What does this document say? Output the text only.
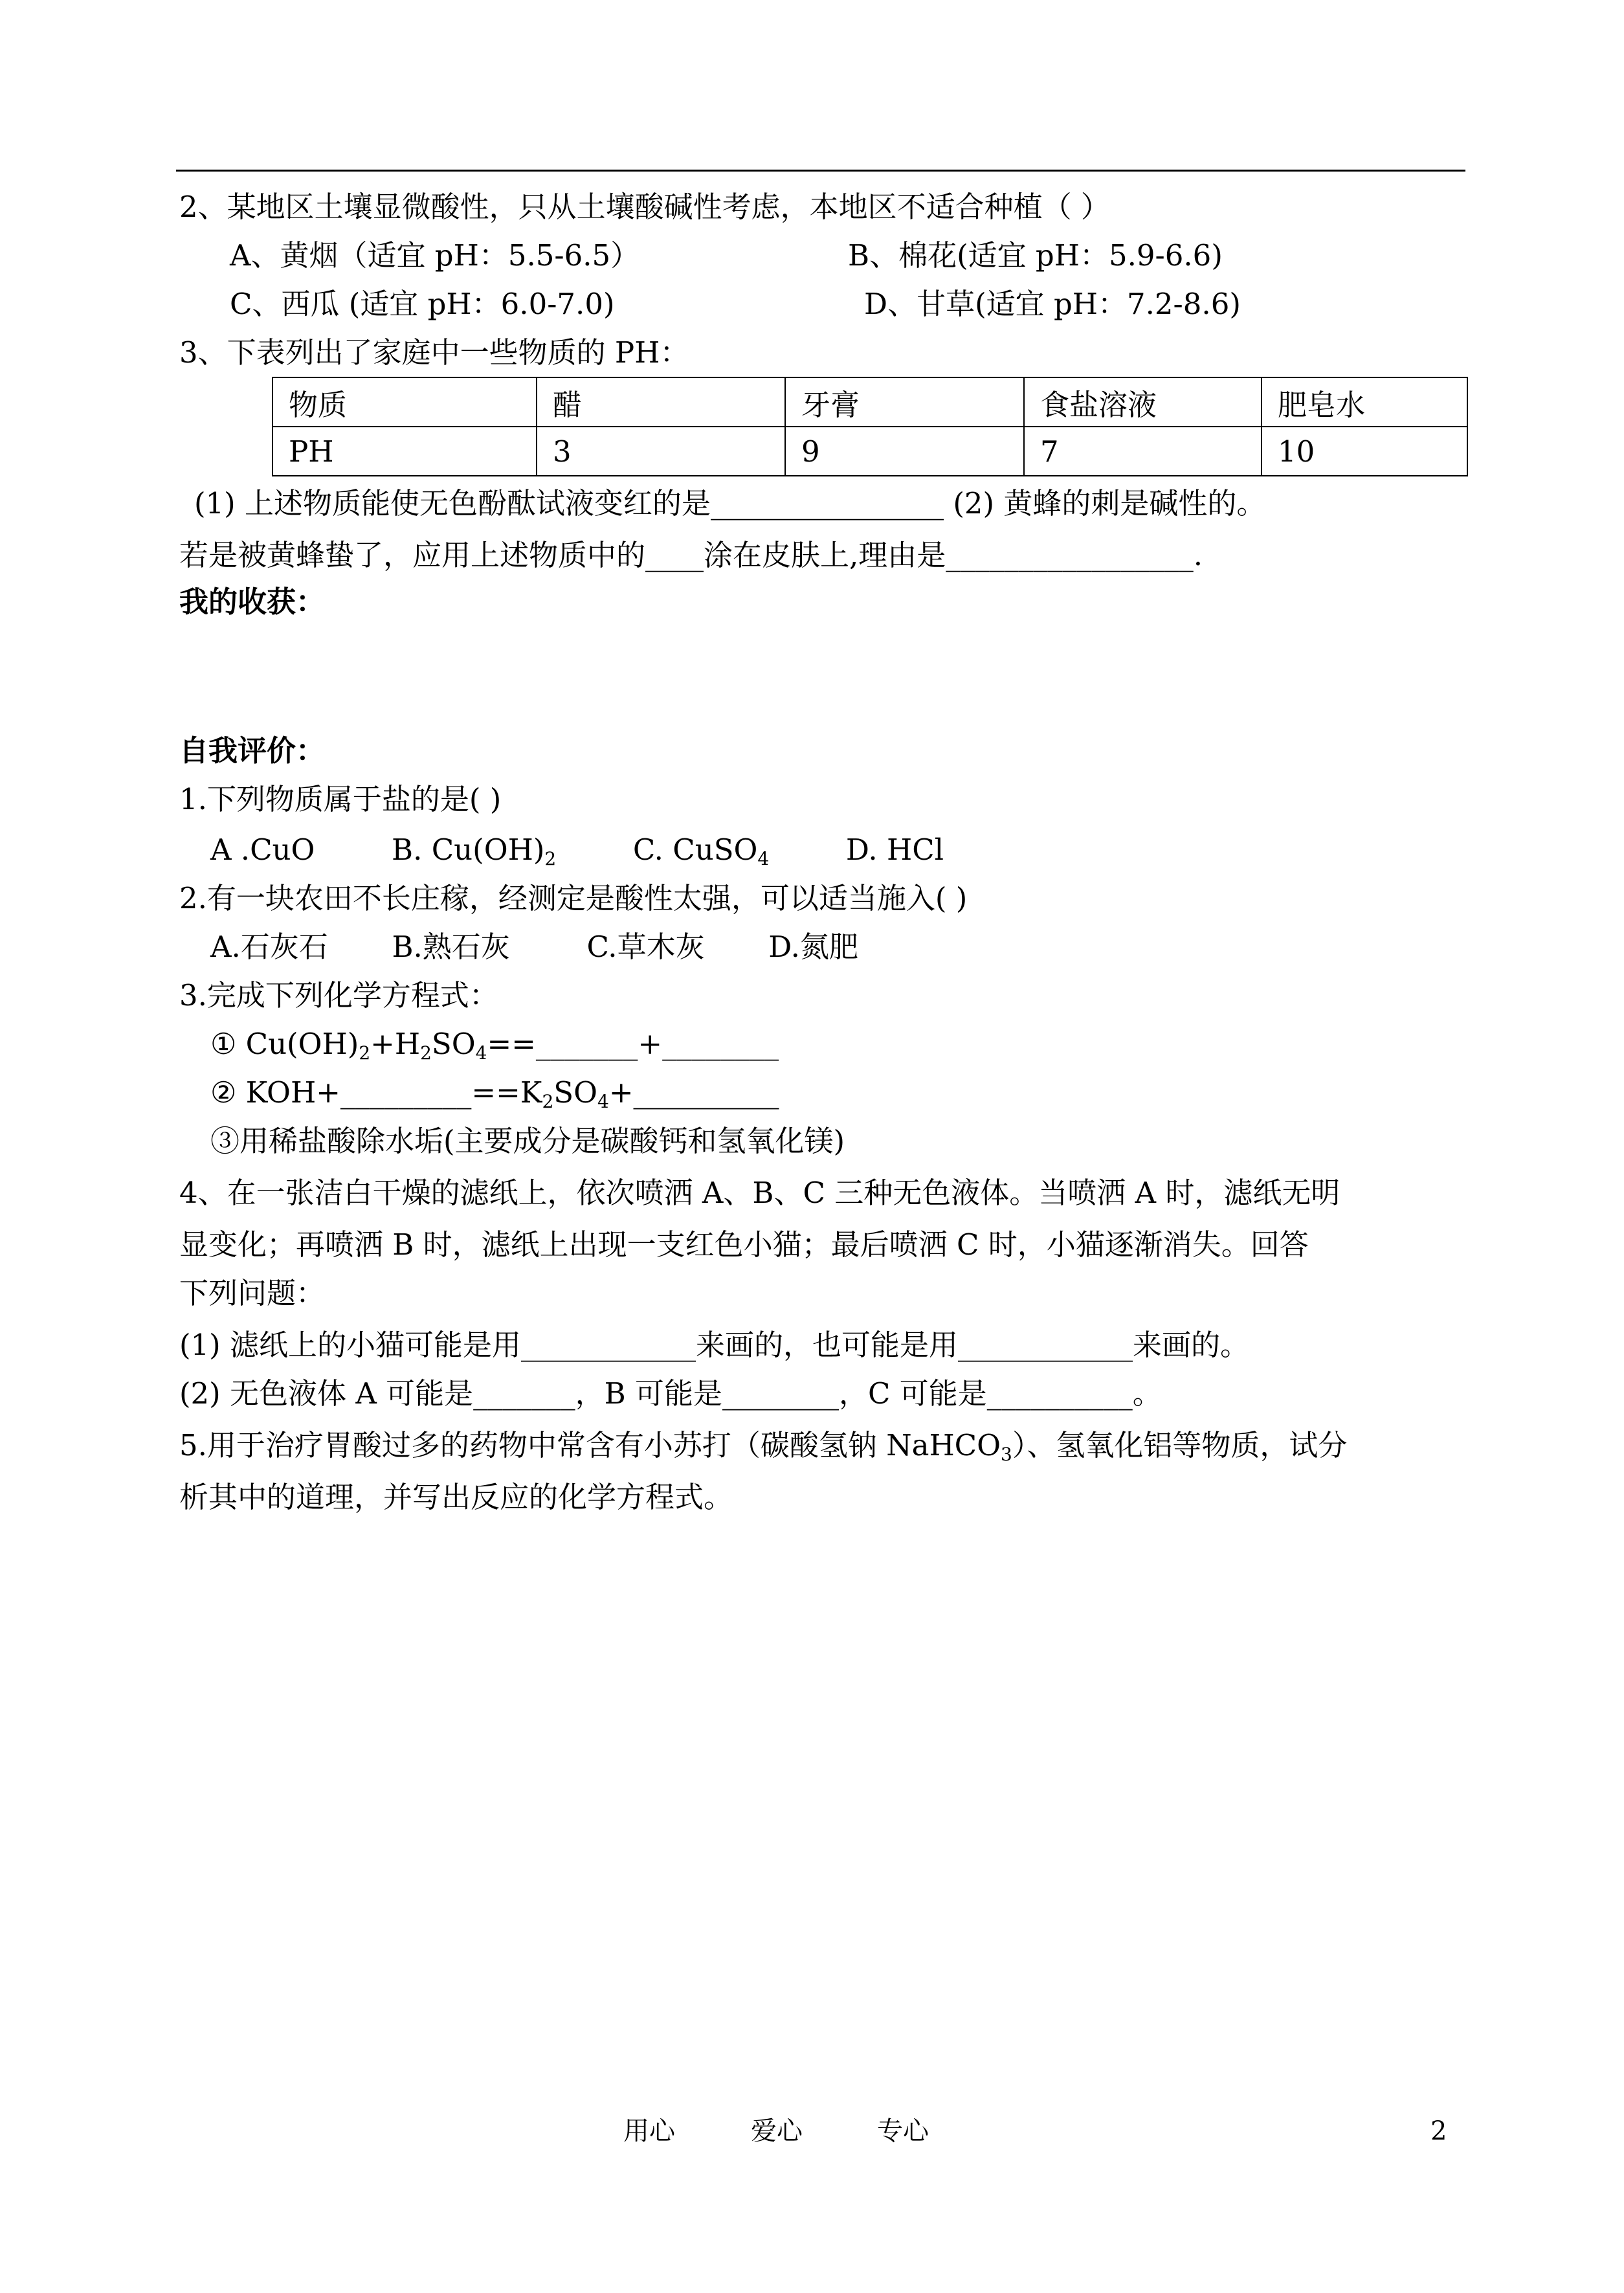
2、某地区土壤显微酸性，只从土壤酸碱性考虑，本地区不适合种植（ ）
A、黄烟（适宜 pH：5.5-6.5）	B、棉花(适宜 pH：5.9-6.6)
C、西瓜 (适宜 pH：6.0-7.0)	D、甘草(适宜 pH：7.2-8.6)
3、下表列出了家庭中一些物质的 PH：
物质	醋	牙膏	食盐溶液	肥皂水
PH	3	9	7	10
(1) 上述物质能使无色酚酞试液变红的是________________ (2) 黄蜂的刺是碱性的。
若是被黄蜂蛰了，应用上述物质中的____涂在皮肤上,理由是_________________.
我的收获：
自我评价：
1.下列物质属于盐的是( )
A .CuO	B. $Cu(OH)_2$	C. CuSO$_4$	D. HCl
2.有一块农田不长庄稼，经测定是酸性太强，可以适当施入( )
A.石灰石 B.熟石灰	C.草木灰 D.氮肥
3.完成下列化学方程式：
① $Cu(OH)_2+H_2SO_4==\_\_\_\_\_\_\_+\_\_\_\_\_\_\_\_$
② $KOH+\_\_\_\_\_\_\_\_\_==K_2SO_4+\_\_\_\_\_\_\_\_\_\_$
③用稀盐酸除水垢(主要成分是碳酸钙和氢氧化镁)
4、在一张洁白干燥的滤纸上，依次喷洒 A、B、C 三种无色液体。当喷洒 A 时，滤纸无明
显变化；再喷洒 B 时，滤纸上出现一支红色小猫；最后喷洒 C 时，小猫逐渐消失。回答
下列问题：
(1) 滤纸上的小猫可能是用____________来画的，也可能是用____________来画的。
(2) 无色液体 A 可能是_______，B 可能是________，C 可能是__________。
5.用于治疗胃酸过多的药物中常含有小苏打（碳酸氢钠 NaHCO$_3$）、氢氧化铝等物质，试分
析其中的道理，并写出反应的化学方程式。
用心	爱心	专心	2
